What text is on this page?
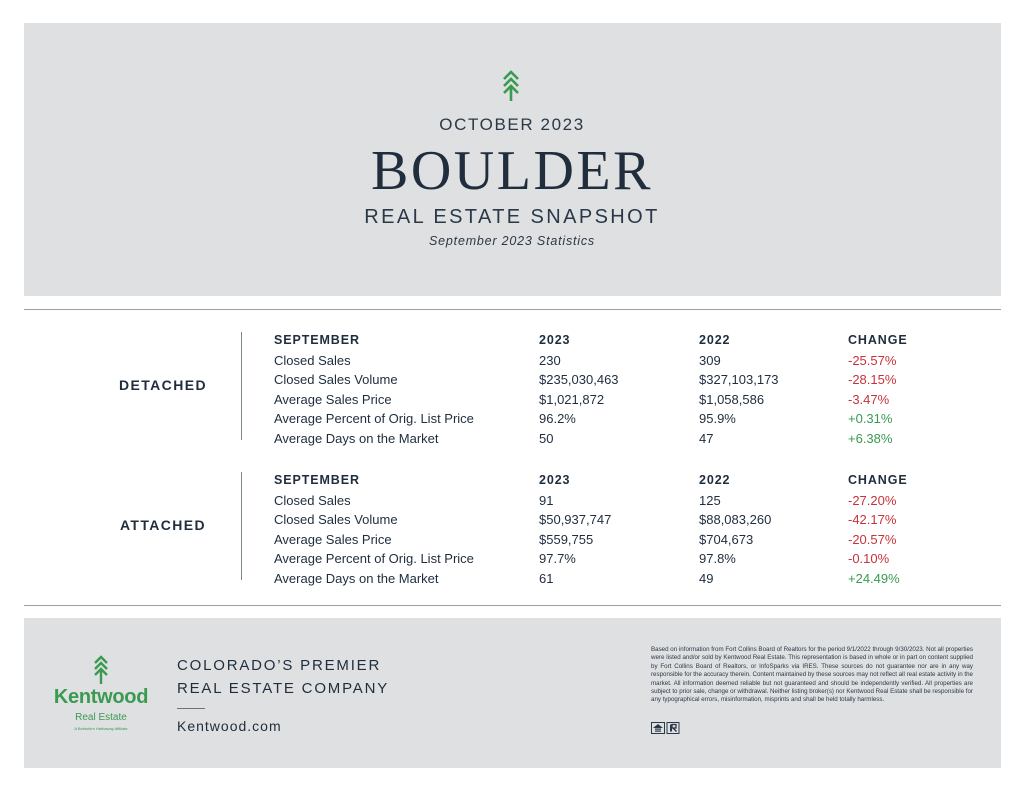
OCTOBER 2023
BOULDER
REAL ESTATE SNAPSHOT
September 2023 Statistics
DETACHED
SEPTEMBER	2023	2022	CHANGE
Closed Sales	230	309	-25.57%
Closed Sales Volume	$235,030,463	$327,103,173	-28.15%
Average Sales Price	$1,021,872	$1,058,586	-3.47%
Average Percent of Orig. List Price	96.2%	95.9%	+0.31%
Average Days on the Market	50	47	+6.38%
ATTACHED
SEPTEMBER	2023	2022	CHANGE
Closed Sales	91	125	-27.20%
Closed Sales Volume	$50,937,747	$88,083,260	-42.17%
Average Sales Price	$559,755	$704,673	-20.57%
Average Percent of Orig. List Price	97.7%	97.8%	-0.10%
Average Days on the Market	61	49	+24.49%
Kentwood
Real Estate
A Berkshire Hathaway Affiliate
COLORADO’S PREMIER
REAL ESTATE COMPANY
Kentwood.com
Based on information from Fort Collins Board of Realtors for the period 9/1/2022 through 9/30/2023. Not all properties were listed and/or sold by Kentwood Real Estate. This representation is based in whole or in part on content supplied by Fort Collins Board of Realtors, or InfoSparks via IRES. These sources do not guarantee nor are in any way responsible for the accuracy therein. Content maintained by these sources may not reflect all real estate activity in the market. All information deemed reliable but not guaranteed and should be independently verified. All properties are subject to prior sale, change or withdrawal. Neither listing broker(s) nor Kentwood Real Estate shall be responsible for any typographical errors, misinformation, misprints and shall be held totally harmless.
